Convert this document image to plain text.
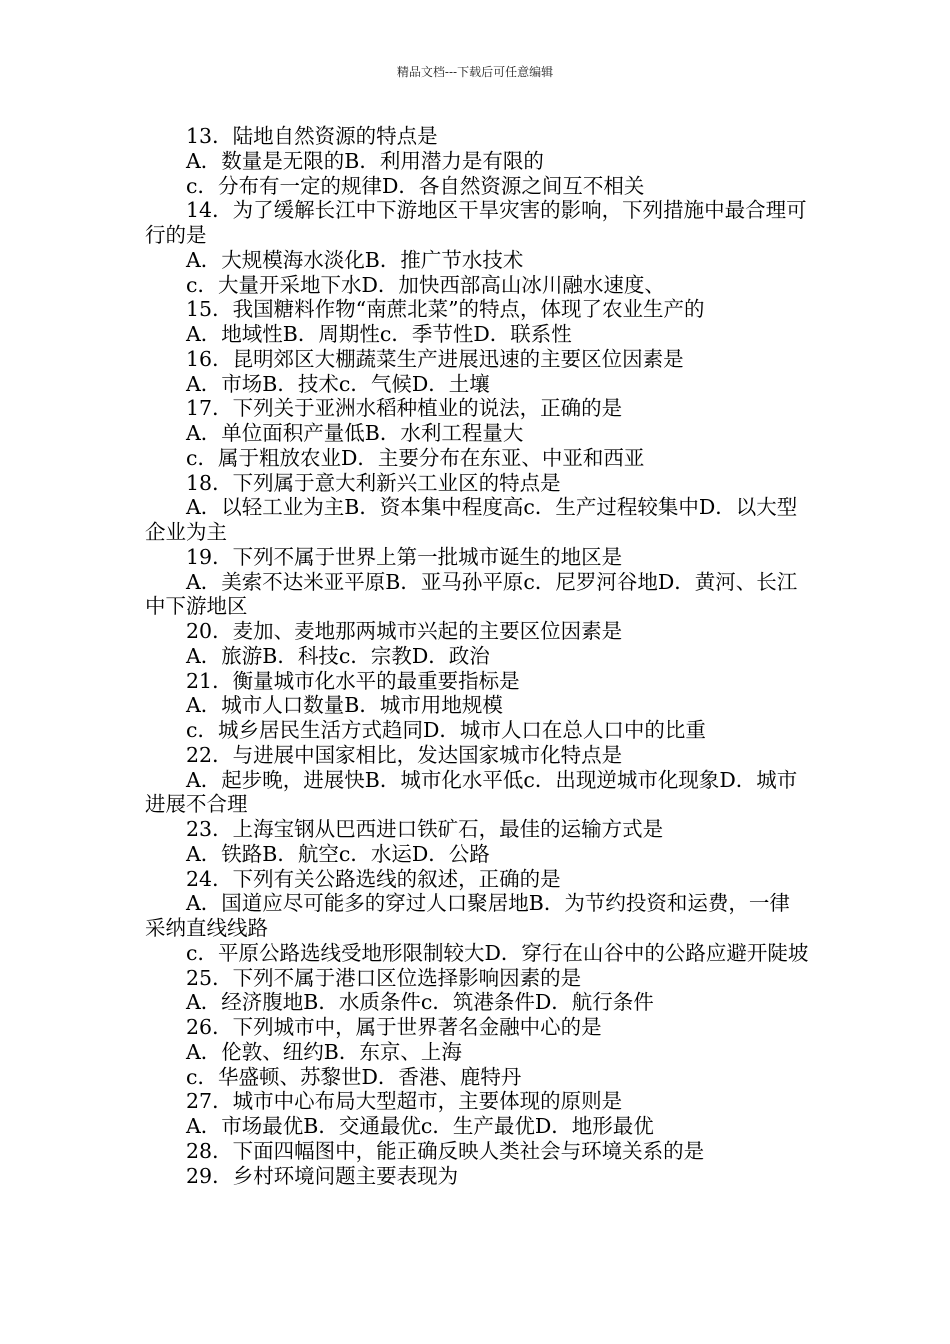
精品文档---下载后可任意编辑

13．陆地自然资源的特点是

A．数量是无限的B．利用潜力是有限的

c．分布有一定的规律D．各自然资源之间互不相关

14．为了缓解长江中下游地区干旱灾害的影响，下列措施中最合理可行的是

A．大规模海水淡化B．推广节水技术

c．大量开采地下水D．加快西部高山冰川融水速度、

15．我国糖料作物“南蔗北菜”的特点，体现了农业生产的

A．地域性B．周期性c．季节性D．联系性

16．昆明郊区大棚蔬菜生产进展迅速的主要区位因素是

A．市场B．技术c．气候D．土壤

17．下列关于亚洲水稻种植业的说法，正确的是

A．单位面积产量低B．水利工程量大

c．属于粗放农业D．主要分布在东亚、中亚和西亚

18．下列属于意大利新兴工业区的特点是

A．以轻工业为主B．资本集中程度高c．生产过程较集中D．以大型企业为主

19．下列不属于世界上第一批城市诞生的地区是

A．美索不达米亚平原B．亚马孙平原c．尼罗河谷地D．黄河、长江中下游地区

20．麦加、麦地那两城市兴起的主要区位因素是

A．旅游B．科技c．宗教D．政治

21．衡量城市化水平的最重要指标是

A．城市人口数量B．城市用地规模

c．城乡居民生活方式趋同D．城市人口在总人口中的比重

22．与进展中国家相比，发达国家城市化特点是

A．起步晚，进展快B．城市化水平低c．出现逆城市化现象D．城市进展不合理

23．上海宝钢从巴西进口铁矿石，最佳的运输方式是

A．铁路B．航空c．水运D．公路

24．下列有关公路选线的叙述，正确的是

A．国道应尽可能多的穿过人口聚居地B．为节约投资和运费，一律采纳直线线路

c．平原公路选线受地形限制较大D．穿行在山谷中的公路应避开陡坡

25．下列不属于港口区位选择影响因素的是

A．经济腹地B．水质条件c．筑港条件D．航行条件

26．下列城市中，属于世界著名金融中心的是

A．伦敦、纽约B．东京、上海

c．华盛顿、苏黎世D．香港、鹿特丹

27．城市中心布局大型超市，主要体现的原则是

A．市场最优B．交通最优c．生产最优D．地形最优

28．下面四幅图中，能正确反映人类社会与环境关系的是

29．乡村环境问题主要表现为
